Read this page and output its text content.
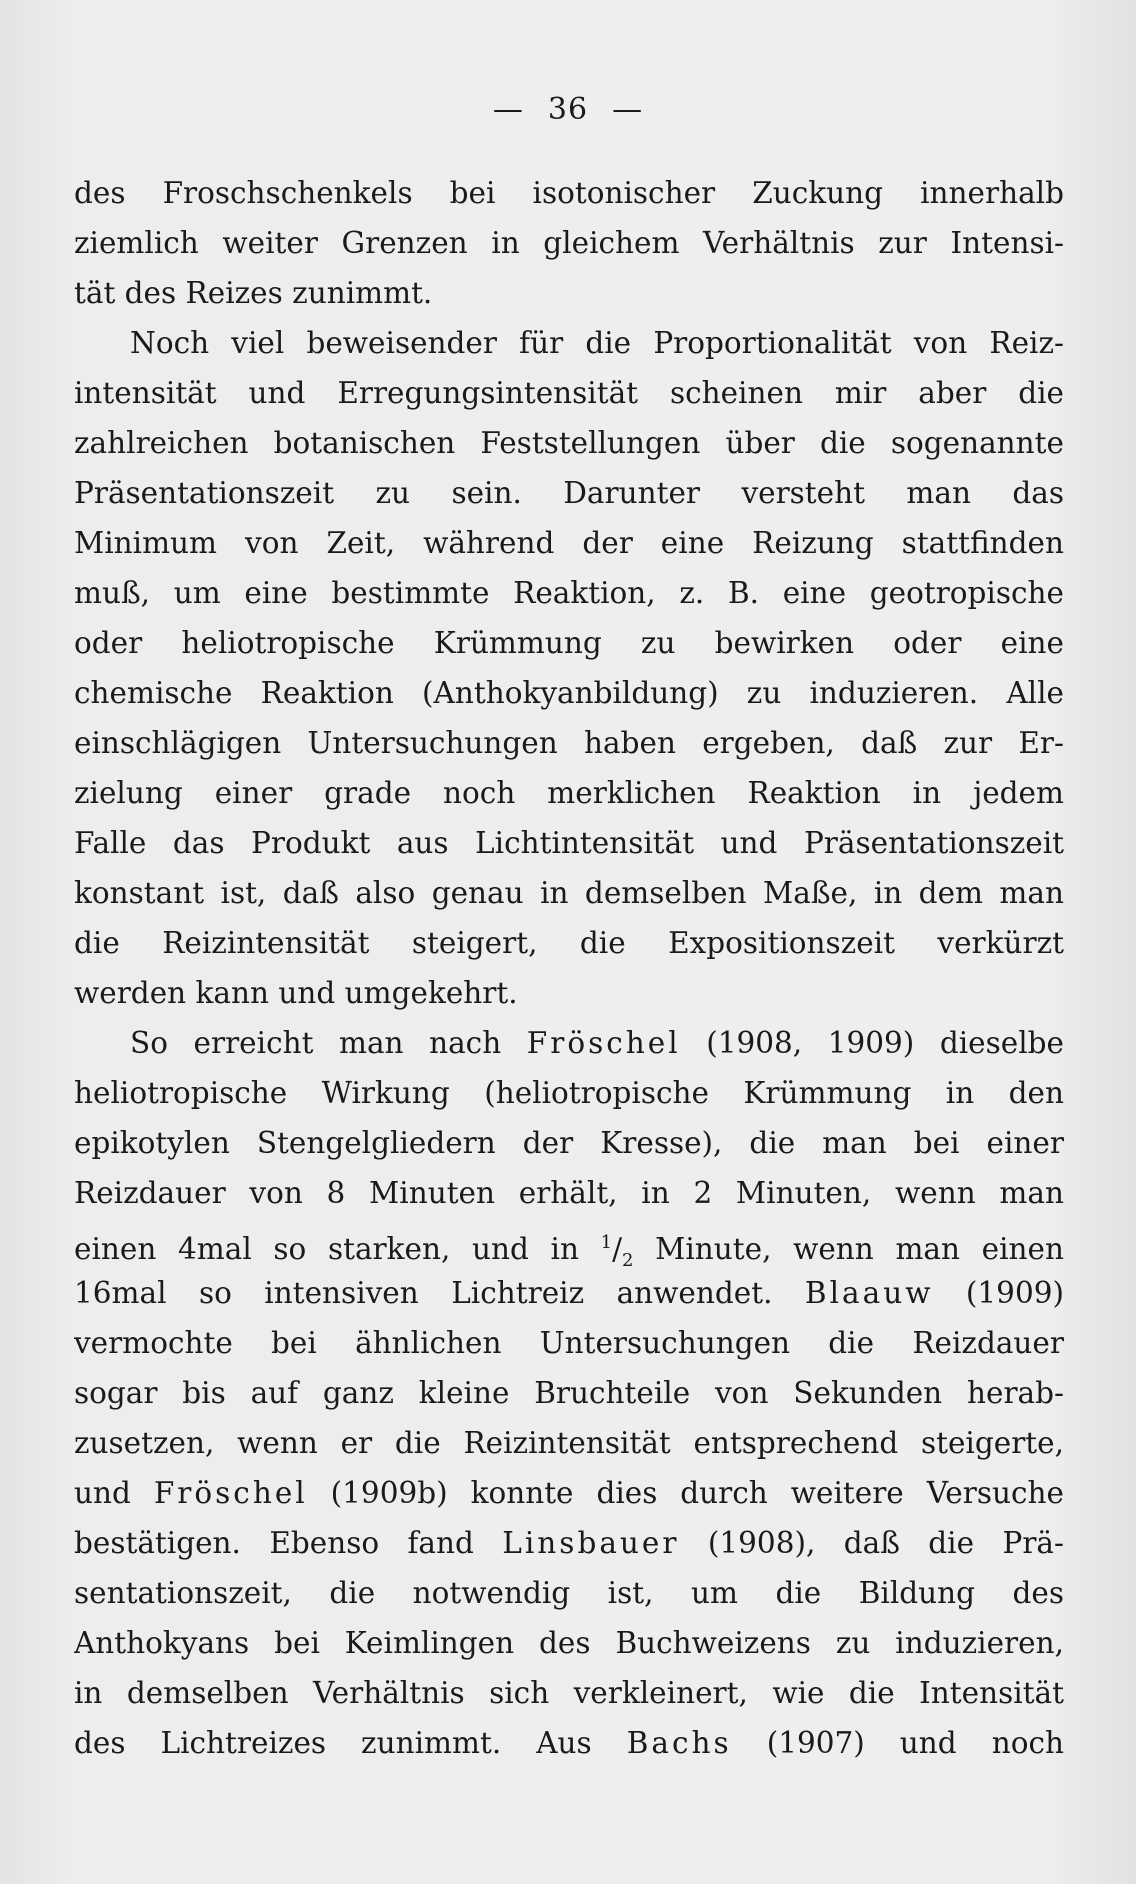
— 36 —
des Froschschenkels bei isotonischer Zuckung innerhalb
ziemlich weiter Grenzen in gleichem Verhältnis zur Intensi-
tät des Reizes zunimmt.
Noch viel beweisender für die Proportionalität von Reiz-
intensität und Erregungsintensität scheinen mir aber die
zahlreichen botanischen Feststellungen über die sogenannte
Präsentationszeit zu sein. Darunter versteht man das
Minimum von Zeit, während der eine Reizung stattfinden
muß, um eine bestimmte Reaktion, z. B. eine geotropische
oder heliotropische Krümmung zu bewirken oder eine
chemische Reaktion (Anthokyanbildung) zu induzieren. Alle
einschlägigen Untersuchungen haben ergeben, daß zur Er-
zielung einer grade noch merklichen Reaktion in jedem
Falle das Produkt aus Lichtintensität und Präsentationszeit
konstant ist, daß also genau in demselben Maße, in dem man
die Reizintensität steigert, die Expositionszeit verkürzt
werden kann und umgekehrt.
So erreicht man nach Fröschel (1908, 1909) dieselbe
heliotropische Wirkung (heliotropische Krümmung in den
epikotylen Stengelgliedern der Kresse), die man bei einer
Reizdauer von 8 Minuten erhält, in 2 Minuten, wenn man
einen 4mal so starken, und in $^1/_2$ Minute, wenn man einen
16mal so intensiven Lichtreiz anwendet. Blaauw (1909)
vermochte bei ähnlichen Untersuchungen die Reizdauer
sogar bis auf ganz kleine Bruchteile von Sekunden herab-
zusetzen, wenn er die Reizintensität entsprechend steigerte,
und Fröschel (1909b) konnte dies durch weitere Versuche
bestätigen. Ebenso fand Linsbauer (1908), daß die Prä-
sentationszeit, die notwendig ist, um die Bildung des
Anthokyans bei Keimlingen des Buchweizens zu induzieren,
in demselben Verhältnis sich verkleinert, wie die Intensität
des Lichtreizes zunimmt. Aus Bachs (1907) und noch
